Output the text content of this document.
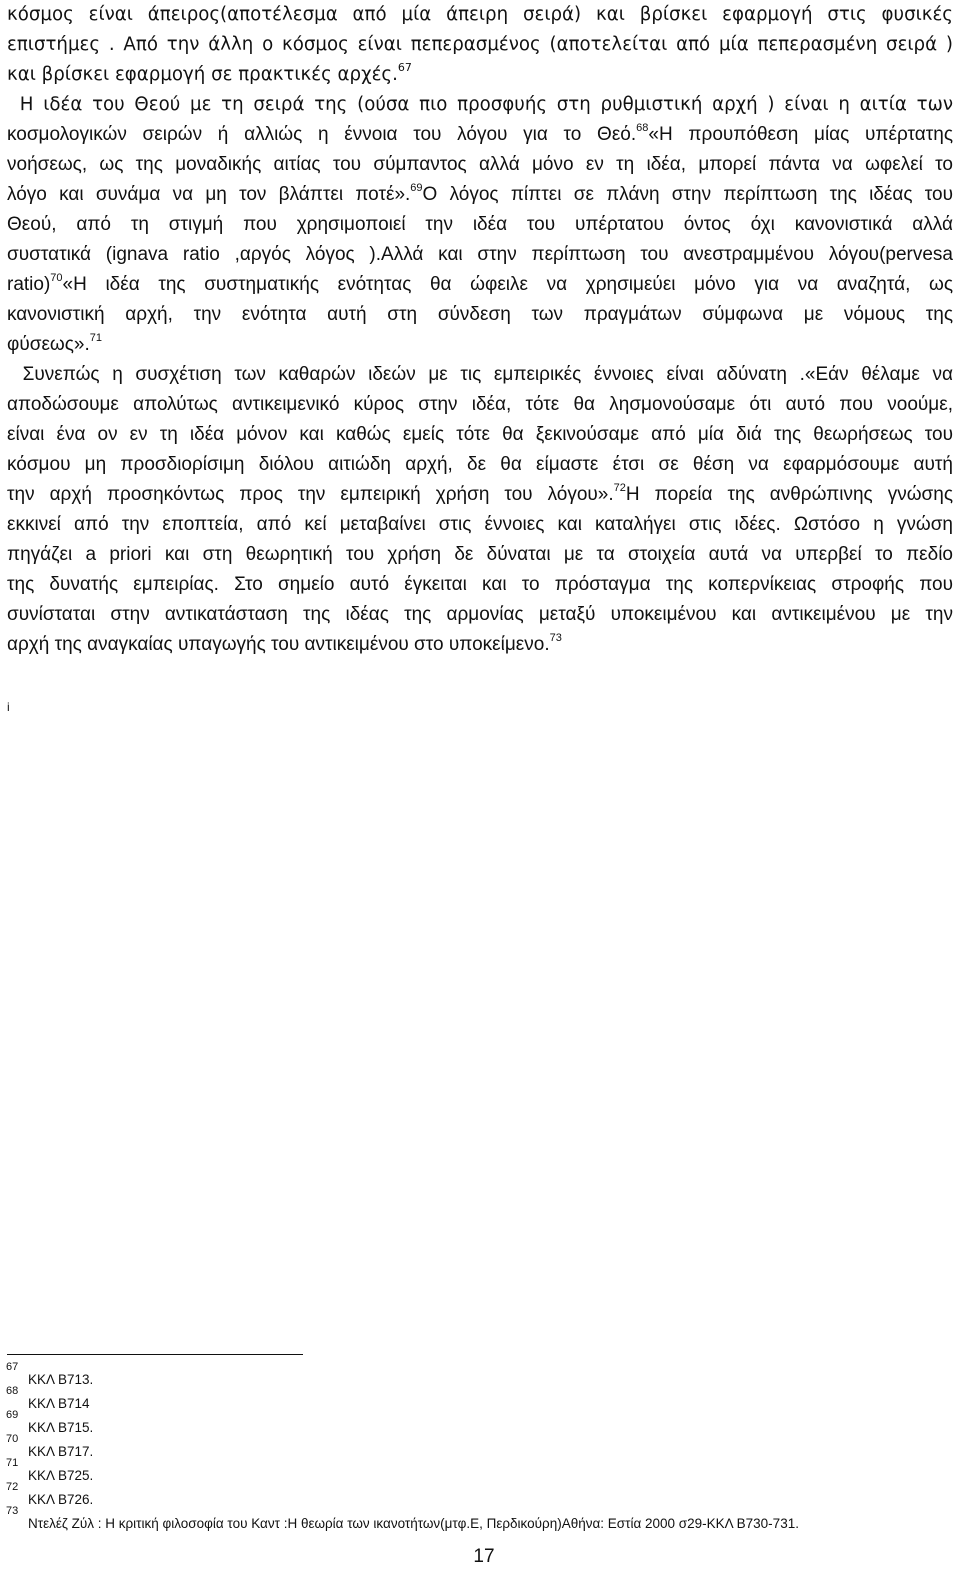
κόσμος είναι άπειρος(αποτέλεσμα από μία άπειρη σειρά) και βρίσκει εφαρμογή στις φυσικές
επιστήμες . Από την άλλη ο κόσμος είναι πεπερασμένος (αποτελείται από μία πεπερασμένη σειρά )
και βρίσκει εφαρμογή σε πρακτικές αρχές.$^{67}$
Η ιδέα του Θεού με τη σειρά της (ούσα πιο προσφυής στη ρυθμιστική αρχή ) είναι η αιτία των
κοσμολογικών σειρών ή αλλιώς η έννοια του λόγου για το Θεό.$^{68}$«Η προυπόθεση μίας υπέρτατης
νοήσεως, ως της μοναδικής αιτίας του σύμπαντος αλλά μόνο εν τη ιδέα, μπορεί πάντα να ωφελεί το
λόγο και συνάμα να μη τον βλάπτει ποτέ».$^{69}$Ο λόγος πίπτει σε πλάνη στην περίπτωση της ιδέας του
Θεού, από τη στιγμή που χρησιμοποιεί την ιδέα του υπέρτατου όντος όχι κανονιστικά αλλά
συστατικά (ignava ratio ,αργός λόγος ).Αλλά και στην περίπτωση του ανεστραμμένου λόγου(pervesa
ratio)$^{70}$«Η ιδέα της συστηματικής ενότητας θα ώφειλε να χρησιμεύει μόνο για να αναζητά, ως
κανονιστική αρχή, την ενότητα αυτή στη σύνδεση των πραγμάτων σύμφωνα με νόμους της
φύσεως».$^{71}$
Συνεπώς η συσχέτιση των καθαρών ιδεών με τις εμπειρικές έννοιες είναι αδύνατη .«Εάν θέλαμε να
αποδώσουμε απολύτως αντικειμενικό κύρος στην ιδέα, τότε θα λησμονούσαμε ότι αυτό που νοούμε,
είναι ένα ον εν τη ιδέα μόνον και καθώς εμείς τότε θα ξεκινούσαμε από μία διά της θεωρήσεως του
κόσμου μη προσδιορίσιμη διόλου αιτιώδη αρχή, δε θα είμαστε έτσι σε θέση να εφαρμόσουμε αυτή
την αρχή προσηκόντως προς την εμπειρική χρήση του λόγου».$^{72}$Η πορεία της ανθρώπινης γνώσης
εκκινεί από την εποπτεία, από κεί μεταβαίνει στις έννοιες και καταλήγει στις ιδέες. Ωστόσο η γνώση
πηγάζει a priori και στη θεωρητική του χρήση δε δύναται με τα στοιχεία αυτά να υπερβεί το πεδίο
της δυνατής εμπειρίας. Στο σημείο αυτό έγκειται και το πρόσταγμα της κοπερνίκειας στροφής που
συνίσταται στην αντικατάσταση της ιδέας της αρμονίας μεταξύ υποκειμένου και αντικειμένου με την
αρχή της αναγκαίας υπαγωγής του αντικειμένου στο υποκείμενο.$^{73}$
i
67
ΚΚΛ Β713.
68
ΚΚΛ Β714
69
ΚΚΛ Β715.
70
ΚΚΛ Β717.
71
ΚΚΛ Β725.
72
ΚΚΛ Β726.
73
Ντελέζ Ζύλ : Η κριτική φιλοσοφία του Καντ :Η θεωρία των ικανοτήτων(μτφ.Ε, Περδικούρη)Αθήνα: Εστία 2000 σ29-ΚΚΛ Β730-731.
17
